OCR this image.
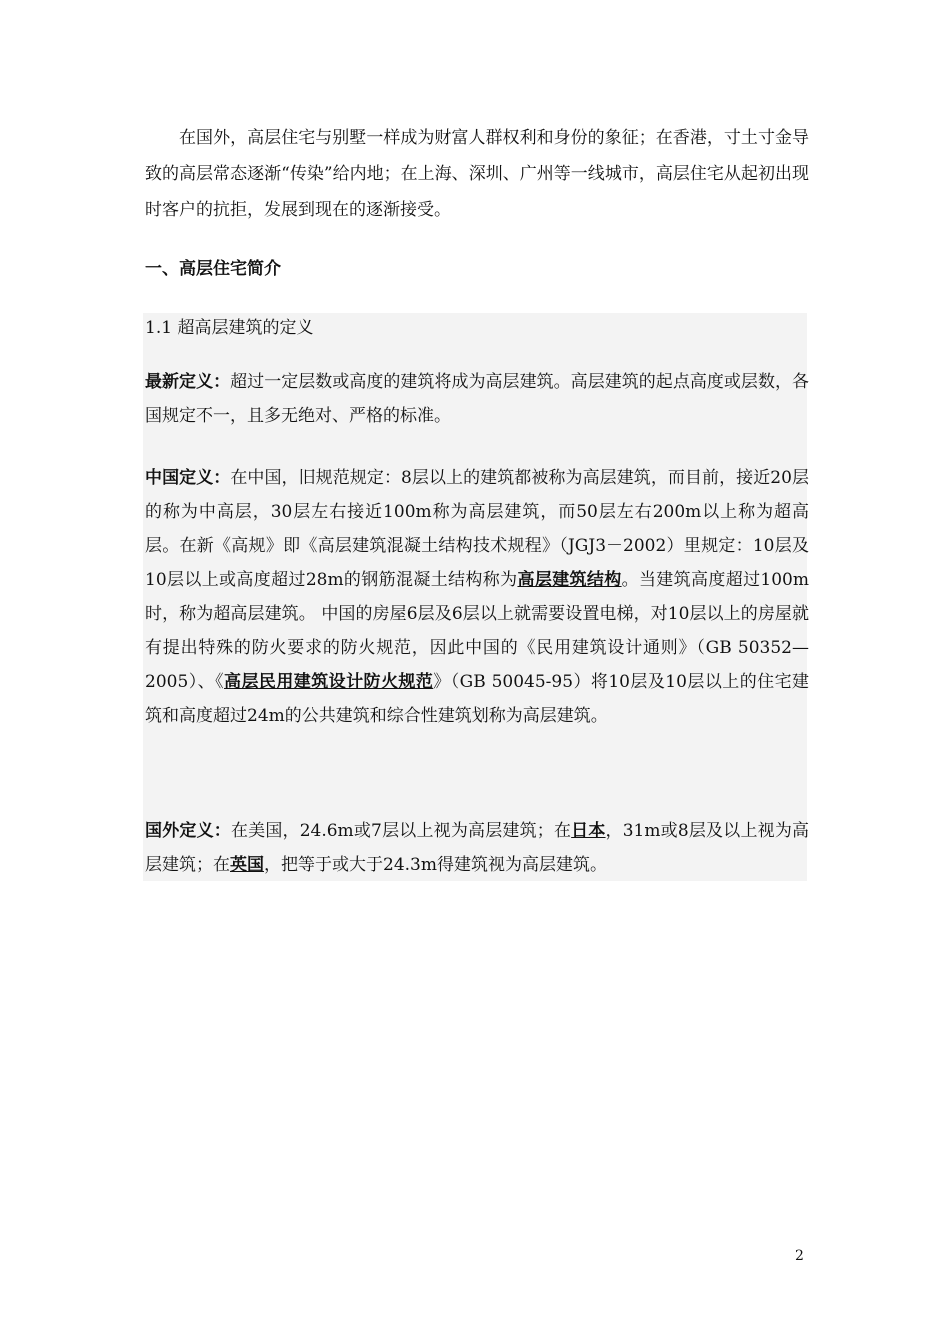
在国外，高层住宅与别墅一样成为财富人群权利和身份的象征；在香港，寸土寸金导致的高层常态逐渐“传染”给内地；在上海、深圳、广州等一线城市，高层住宅从起初出现时客户的抗拒，发展到现在的逐渐接受。

一、高层住宅简介

1.1 超高层建筑的定义

最新定义：超过一定层数或高度的建筑将成为高层建筑。高层建筑的起点高度或层数，各国规定不一，且多无绝对、严格的标准。

中国定义：在中国，旧规范规定：8层以上的建筑都被称为高层建筑，而目前，接近20层的称为中高层，30层左右接近100m称为高层建筑，而50层左右200m以上称为超高层。在新《高规》即《高层建筑混凝土结构技术规程》（JGJ3－2002）里规定：10层及10层以上或高度超过28m的钢筋混凝土结构称为高层建筑结构。当建筑高度超过100m时，称为超高层建筑。 中国的房屋6层及6层以上就需要设置电梯，对10层以上的房屋就有提出特殊的防火要求的防火规范，因此中国的《民用建筑设计通则》（GB 50352—2005）、《高层民用建筑设计防火规范》（GB 50045-95）将10层及10层以上的住宅建筑和高度超过24m的公共建筑和综合性建筑划称为高层建筑。

国外定义：在美国，24.6m或7层以上视为高层建筑；在日本，31m或8层及以上视为高层建筑；在英国，把等于或大于24.3m得建筑视为高层建筑。

2
